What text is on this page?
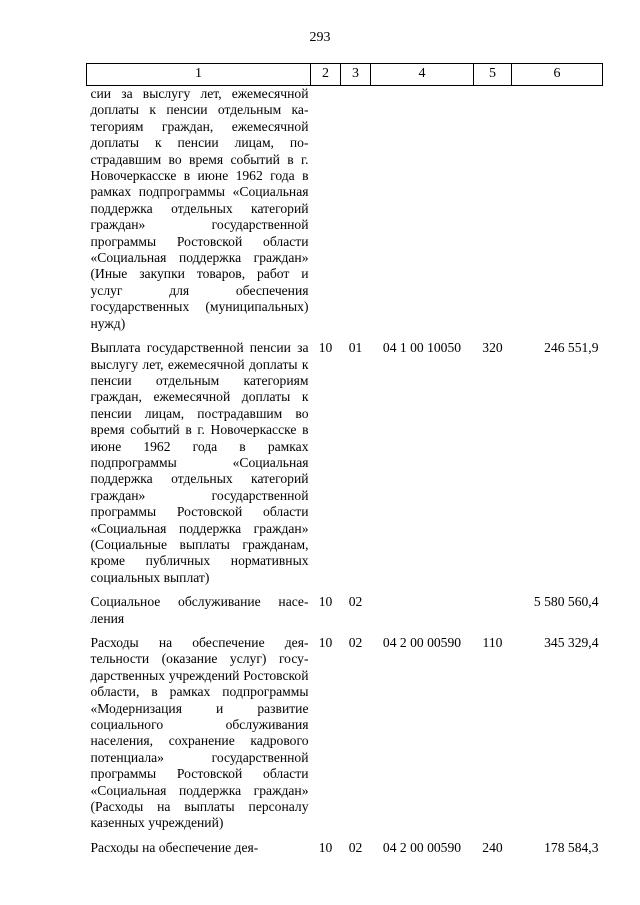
293
1	2	3	4	5	6
сии за выслугу лет, ежемесячной доплаты к пенсии отдельным категориям граждан, ежемесячной доплаты к пенсии лицам, пострадавшим во время событий в г. Новочеркасске в июне 1962 года в рамках подпрограммы «Социальная поддержка отдельных категорий граждан» государственной программы Ростовской области «Социальная поддержка граждан» (Иные закупки товаров, работ и услуг для обеспечения государственных (муниципальных) нужд)					
Выплата государственной пенсии за выслугу лет, ежемесячной доплаты к пенсии отдельным категориям граждан, ежемесячной доплаты к пенсии лицам, пострадавшим во время событий в г. Новочеркасске в июне 1962 года в рамках подпрограммы «Социальная поддержка отдельных категорий граждан» государственной программы Ростовской области «Социальная поддержка граждан» (Социальные выплаты гражданам, кроме публичных нормативных социальных выплат)	10	01	04 1 00 10050	320	246 551,9
Социальное обслуживание населения	10	02			5 580 560,4
Расходы на обеспечение деятельности (оказание услуг) государственных учреждений Ростовской области, в рамках подпрограммы «Модернизация и развитие социального обслуживания населения, сохранение кадрового потенциала» государственной программы Ростовской области «Социальная поддержка граждан» (Расходы на выплаты персоналу казенных учреждений)	10	02	04 2 00 00590	110	345 329,4
Расходы на обеспечение дея-	10	02	04 2 00 00590	240	178 584,3
